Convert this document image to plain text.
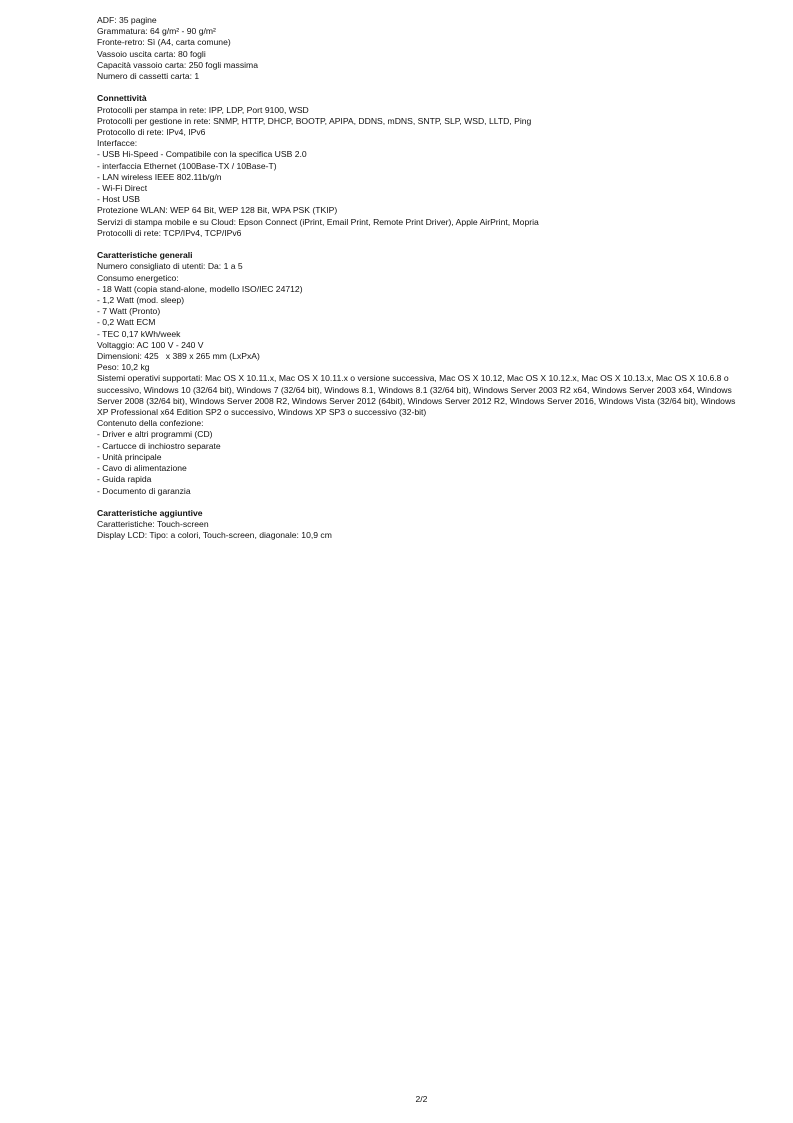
ADF: 35 pagine
Grammatura: 64 g/m² - 90 g/m²
Fronte-retro: Sì (A4, carta comune)
Vassoio uscita carta: 80 fogli
Capacità vassoio carta: 250 fogli massima
Numero di cassetti carta: 1
Connettività
Protocolli per stampa in rete: IPP, LDP, Port 9100, WSD
Protocolli per gestione in rete: SNMP, HTTP, DHCP, BOOTP, APIPA, DDNS, mDNS, SNTP, SLP, WSD, LLTD, Ping
Protocollo di rete: IPv4, IPv6
Interfacce:
- USB Hi-Speed - Compatibile con la specifica USB 2.0
- interfaccia Ethernet (100Base-TX / 10Base-T)
- LAN wireless IEEE 802.11b/g/n
- Wi-Fi Direct
- Host USB
Protezione WLAN: WEP 64 Bit, WEP 128 Bit, WPA PSK (TKIP)
Servizi di stampa mobile e su Cloud: Epson Connect (iPrint, Email Print, Remote Print Driver), Apple AirPrint, Mopria
Protocolli di rete: TCP/IPv4, TCP/IPv6
Caratteristiche generali
Numero consigliato di utenti: Da: 1 a 5
Consumo energetico:
- 18 Watt (copia stand-alone, modello ISO/IEC 24712)
- 1,2 Watt (mod. sleep)
- 7 Watt (Pronto)
- 0,2 Watt ECM
- TEC 0,17 kWh/week
Voltaggio: AC 100 V - 240 V
Dimensioni: 425   x 389 x 265 mm (LxPxA)
Peso: 10,2 kg
Sistemi operativi supportati: Mac OS X 10.11.x, Mac OS X 10.11.x o versione successiva, Mac OS X 10.12, Mac OS X 10.12.x, Mac OS X 10.13.x, Mac OS X 10.6.8 o successivo, Windows 10 (32/64 bit), Windows 7 (32/64 bit), Windows 8.1, Windows 8.1 (32/64 bit), Windows Server 2003 R2 x64, Windows Server 2003 x64, Windows Server 2008 (32/64 bit), Windows Server 2008 R2, Windows Server 2012 (64bit), Windows Server 2012 R2, Windows Server 2016, Windows Vista (32/64 bit), Windows XP Professional x64 Edition SP2 o successivo, Windows XP SP3 o successivo (32-bit)
Contenuto della confezione:
- Driver e altri programmi (CD)
- Cartucce di inchiostro separate
- Unità principale
- Cavo di alimentazione
- Guida rapida
- Documento di garanzia
Caratteristiche aggiuntive
Caratteristiche: Touch-screen
Display LCD: Tipo: a colori, Touch-screen, diagonale: 10,9 cm
2/2
